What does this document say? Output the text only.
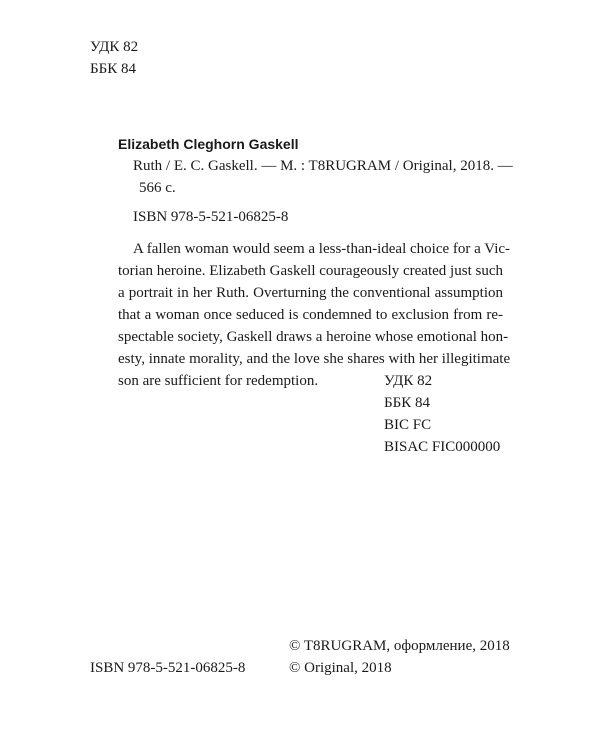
УДК 82
ББК 84
Elizabeth Cleghorn Gaskell
Ruth / E. C. Gaskell. — M. : T8RUGRAM / Original, 2018. —
566 c.
ISBN 978-5-521-06825-8
A fallen woman would seem a less-than-ideal choice for a Vic-
torian heroine. Elizabeth Gaskell courageously created just such
a portrait in her Ruth. Overturning the conventional assumption
that a woman once seduced is condemned to exclusion from re-
spectable society, Gaskell draws a heroine whose emotional hon-
esty, innate morality, and the love she shares with her illegitimate
son are sufficient for redemption.	УДК 82
ББК 84
BIC FC
BISAC FIC000000
ISBN 978-5-521-06825-8
© T8RUGRAM, оформление, 2018
© Original, 2018
